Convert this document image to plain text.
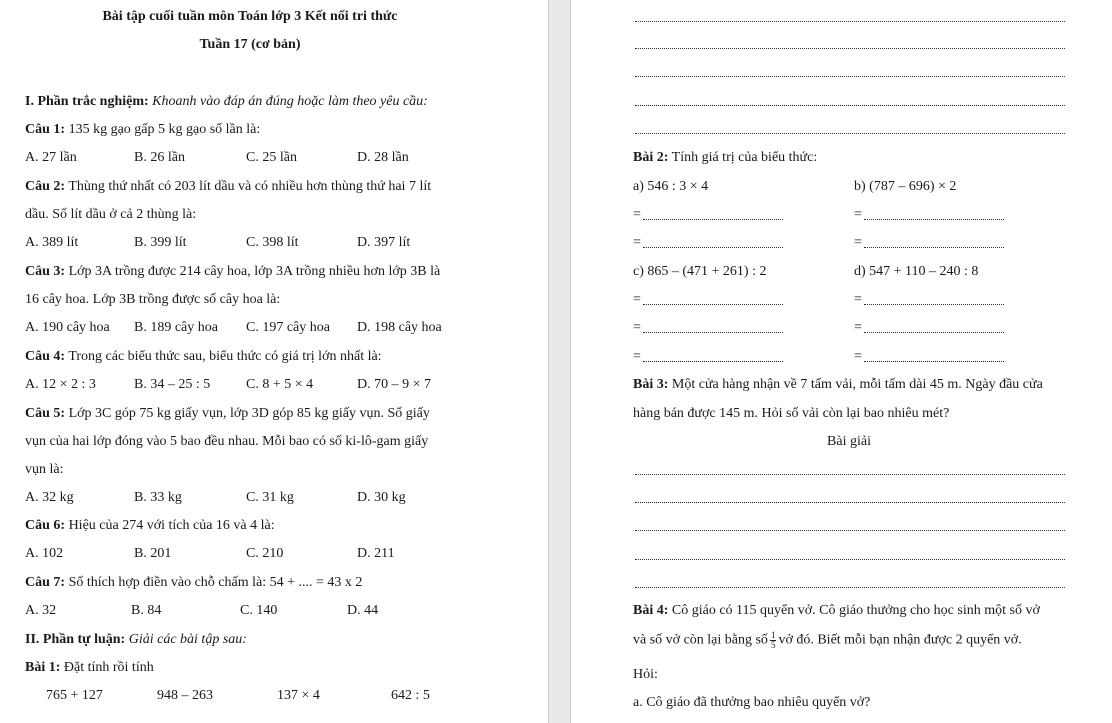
Bài tập cuối tuần môn Toán lớp 3 Kết nối tri thức
Tuần 17 (cơ bản)
I. Phần trắc nghiệm: Khoanh vào đáp án đúng hoặc làm theo yêu cầu:
Câu 1: 135 kg gạo gấp 5 kg gạo số lần là:
A. 27 lần	B. 26 lần	C. 25 lần	D. 28 lần
Câu 2: Thùng thứ nhất có 203 lít dầu và có nhiều hơn thùng thứ hai 7 lít
dầu. Số lít dầu ở cả 2 thùng là:
A. 389 lít	B. 399 lít	C. 398 lít	D. 397 lít
Câu 3: Lớp 3A trồng được 214 cây hoa, lớp 3A trồng nhiều hơn lớp 3B là
16 cây hoa. Lớp 3B trồng được số cây hoa là:
A. 190 cây hoa B. 189 cây hoa C. 197 cây hoa D. 198 cây hoa
Câu 4: Trong các biểu thức sau, biểu thức có giá trị lớn nhất là:
A. 12 × 2 : 3	B. 34 – 25 : 5	C. 8 + 5 × 4	D. 70 – 9 × 7
Câu 5: Lớp 3C góp 75 kg giấy vụn, lớp 3D góp 85 kg giấy vụn. Số giấy
vụn của hai lớp đóng vào 5 bao đều nhau. Mỗi bao có số ki-lô-gam giấy
vụn là:
A. 32 kg	B. 33 kg	C. 31 kg	D. 30 kg
Câu 6: Hiệu của 274 với tích của 16 và 4 là:
A. 102	B. 201	C. 210	D. 211
Câu 7: Số thích hợp điền vào chỗ chấm là: 54 + .... = 43 x 2
A. 32	B. 84	C. 140	D. 44
II. Phần tự luận: Giải các bài tập sau:
Bài 1: Đặt tính rồi tính
765 + 127	948 – 263	137 × 4	642 : 5
Bài 2: Tính giá trị của biểu thức:
a) 546 : 3 × 4	b) (787 – 696) × 2
=	=
=	=
c) 865 – (471 + 261) : 2	d) 547 + 110 – 240 : 8
=	=
=	=
=	=
Bài 3: Một cửa hàng nhận về 7 tấm vải, mỗi tấm dài 45 m. Ngày đầu cửa
hàng bán được 145 m. Hỏi số vải còn lại bao nhiêu mét?
Bài giải
Bài 4: Cô giáo có 115 quyển vở. Cô giáo thưởng cho học sinh một số vở
và số vở còn lại bằng số $\frac{1}{5}$ vở đó. Biết mỗi bạn nhận được 2 quyển vở.
Hỏi:
a. Cô giáo đã thưởng bao nhiêu quyển vở?
